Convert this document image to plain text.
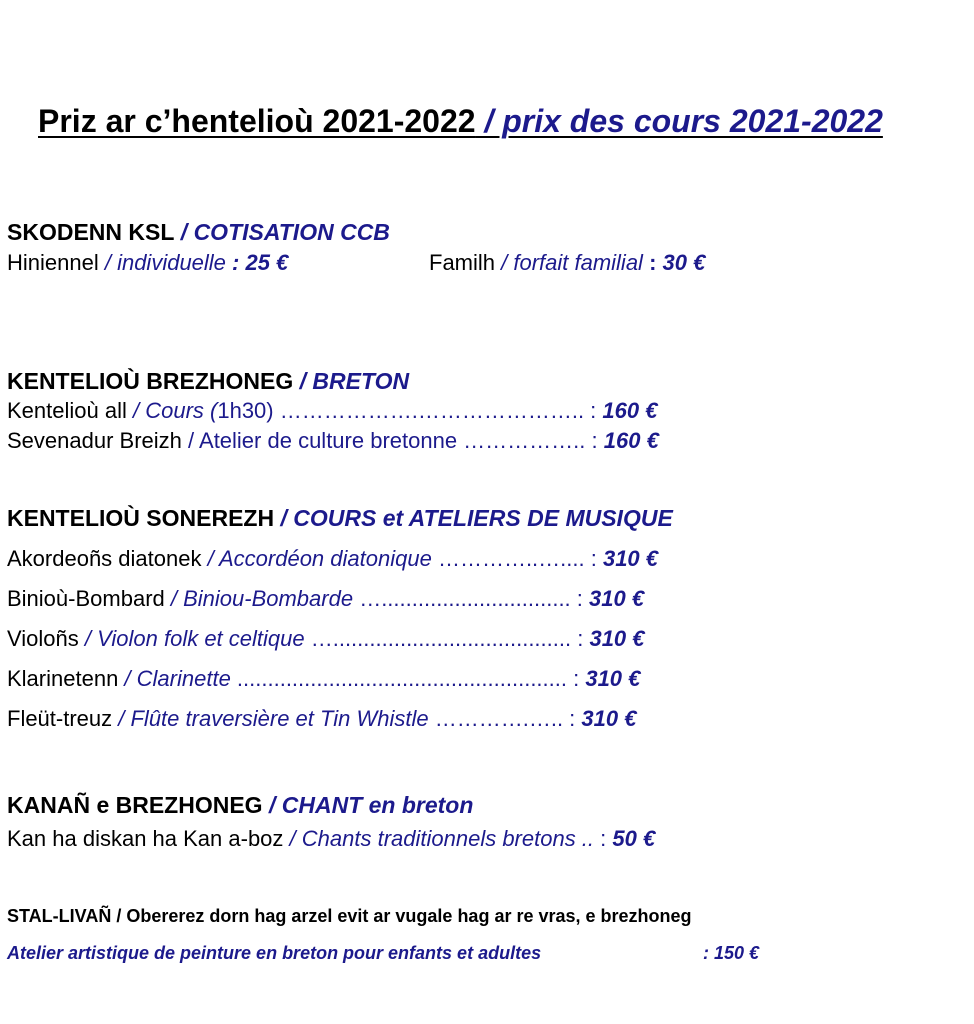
Priz ar c’hentelioù 2021-2022 / prix des cours 2021-2022
SKODENN KSL / COTISATION CCB
Hiniennel / individuelle : 25 €	Familh / forfait familial : 30 €
KENTELIOÙ BREZHONEG / BRETON
Kentelioù all / Cours (1h30) ……………….………………….. : 160 €
Sevenadur Breizh / Atelier de culture bretonne …………….. : 160 €
KENTELIOÙ SONEREZH / COURS et ATELIERS DE MUSIQUE
Akordeoñs diatonek / Accordéon diatonique …………..….... : 310 €
Binioù-Bombard / Biniou-Bombarde …............................... : 310 €
Violoñs / Violon folk et celtique …....................................... : 310 €
Klarinetenn / Clarinette ...................................................... : 310 €
Fleüt-treuz / Flûte traversière et Tin Whistle ………….….. : 310 €
KANAÑ e BREZHONEG / CHANT en breton
Kan ha diskan ha Kan a-boz / Chants traditionnels bretons .. : 50 €
STAL-LIVAÑ / Obererez dorn hag arzel evit ar vugale hag ar re vras, e brezhoneg
Atelier artistique de peinture en breton pour enfants et adultes	: 150 €
